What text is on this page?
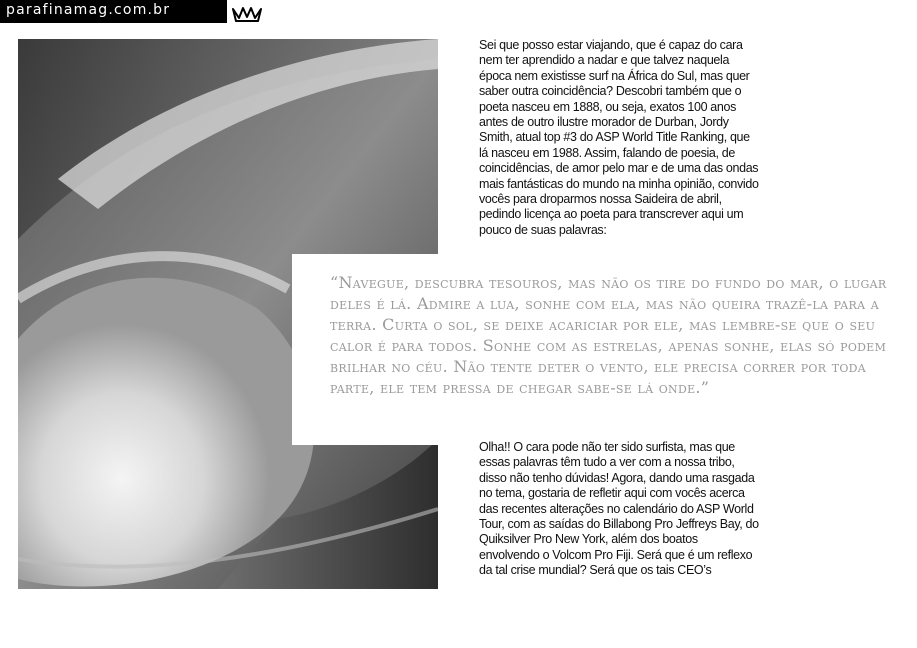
parafinamag.com.br

Sei que posso estar viajando, que é capaz do cara nem ter aprendido a nadar e que talvez naquela época nem existisse surf na África do Sul, mas quer saber outra coincidência? Descobri também que o poeta nasceu em 1888, ou seja, exatos 100 anos antes de outro ilustre morador de Durban, Jordy Smith, atual top #3 do ASP World Title Ranking, que lá nasceu em 1988. Assim, falando de poesia, de coincidências, de amor pelo mar e de uma das ondas mais fantásticas do mundo na minha opinião, convido vocês para droparmos nossa Saideira de abril, pedindo licença ao poeta para transcrever aqui um pouco de suas palavras:

“Navegue, descubra tesouros, mas não os tire do fundo do mar, o lugar deles é lá. Admire a lua, sonhe com ela, mas não queira trazê-la para a terra. Curta o sol, se deixe acariciar por ele, mas lembre-se que o seu calor é para todos. Sonhe com as estrelas, apenas sonhe, elas só podem brilhar no céu. Não tente deter o vento, ele precisa correr por toda parte, ele tem pressa de chegar sabe-se lá onde.”

Olha!! O cara pode não ter sido surfista, mas que essas palavras têm tudo a ver com a nossa tribo, disso não tenho dúvidas! Agora, dando uma rasgada no tema, gostaria de refletir aqui com vocês acerca das recentes alterações no calendário do ASP World Tour, com as saídas do Billabong Pro Jeffreys Bay, do Quiksilver Pro New York, além dos boatos envolvendo o Volcom Pro Fiji. Será que é um reflexo da tal crise mundial? Será que os tais CEO’s
